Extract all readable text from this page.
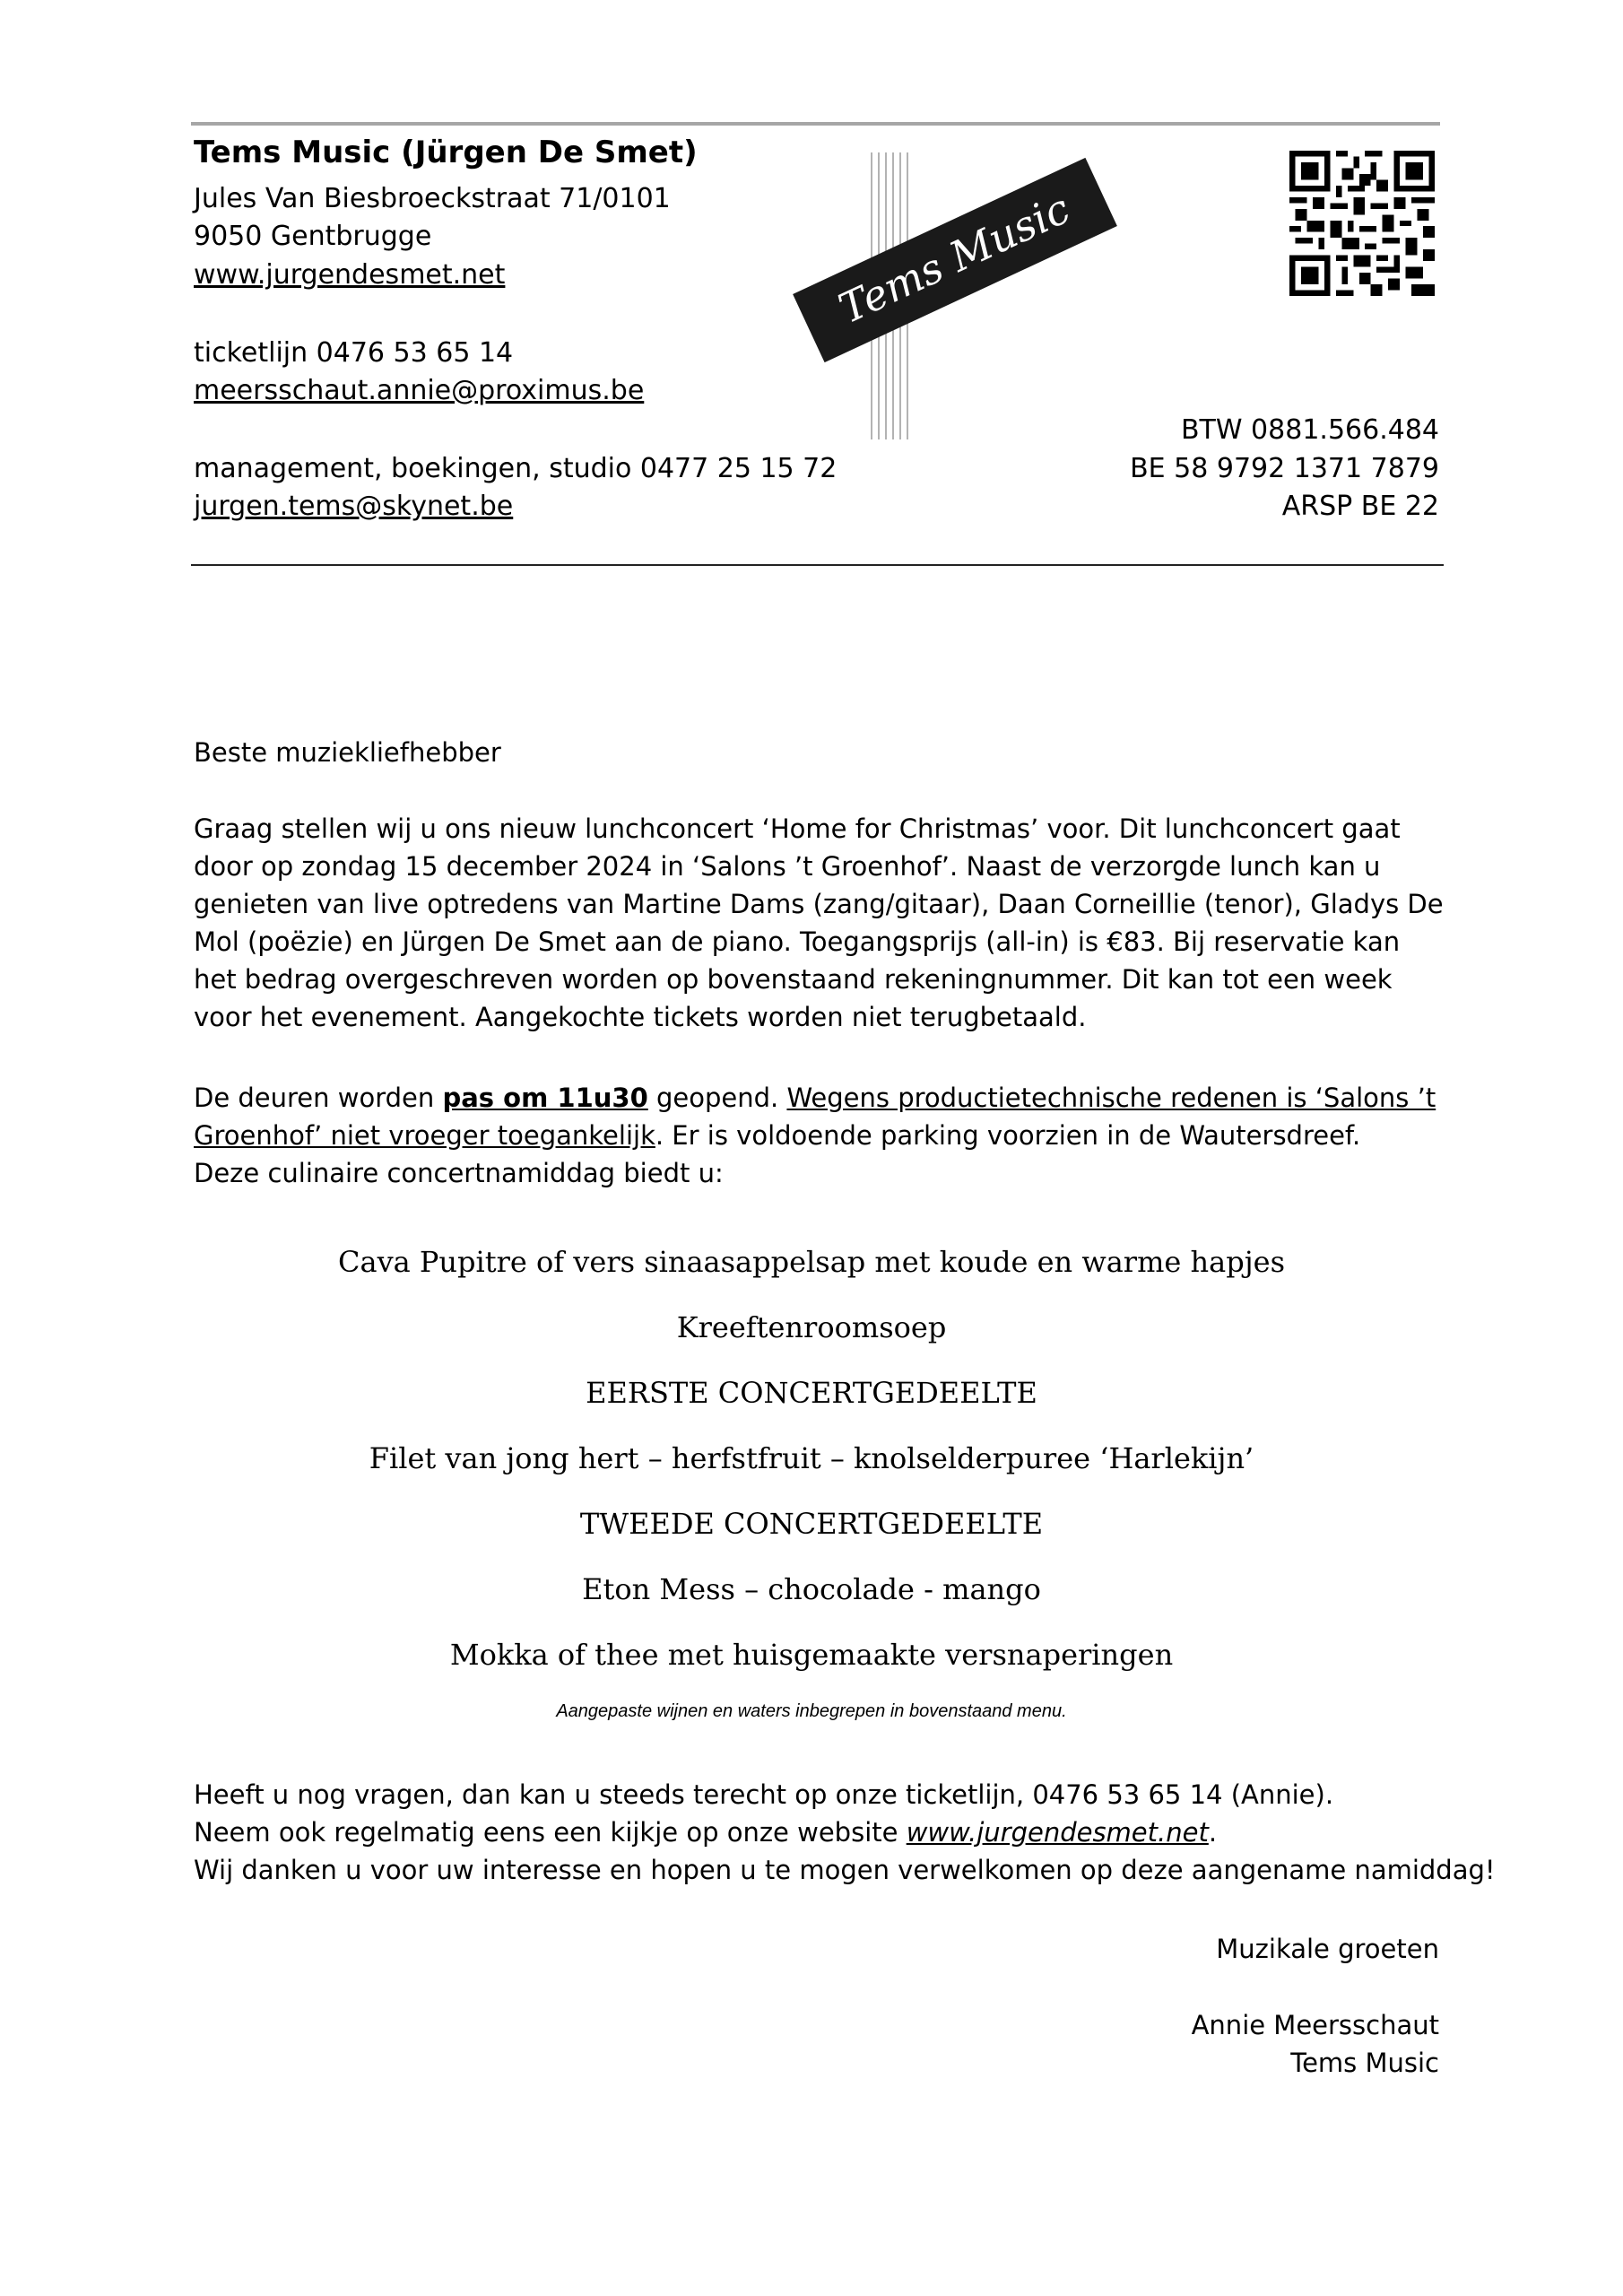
Tems Music (Jürgen De Smet)
Jules Van Biesbroeckstraat 71/0101
9050 Gentbrugge
www.jurgendesmet.net
ticketlijn 0476 53 65 14
meersschaut.annie@proximus.be
management, boekingen, studio 0477 25 15 72
jurgen.tems@skynet.be
BTW 0881.566.484
BE 58 9792 1371 7879
ARSP BE 22
Tems Music
Beste muziekliefhebber
Graag stellen wij u ons nieuw lunchconcert ‘Home for Christmas’ voor. Dit lunchconcert gaat door op zondag 15 december 2024 in ‘Salons ’t Groenhof’. Naast de verzorgde lunch kan u genieten van live optredens van Martine Dams (zang/gitaar), Daan Corneillie (tenor), Gladys De Mol (poëzie) en Jürgen De Smet aan de piano. Toegangsprijs (all-in) is €83. Bij reservatie kan het bedrag overgeschreven worden op bovenstaand rekeningnummer. Dit kan tot een week voor het evenement. Aangekochte tickets worden niet terugbetaald.
De deuren worden pas om 11u30 geopend. Wegens productietechnische redenen is ‘Salons ’t Groenhof’ niet vroeger toegankelijk. Er is voldoende parking voorzien in de Wautersdreef.
Deze culinaire concertnamiddag biedt u:
Cava Pupitre of vers sinaasappelsap met koude en warme hapjes
Kreeftenroomsoep
EERSTE CONCERTGEDEELTE
Filet van jong hert – herfstfruit – knolselderpuree ‘Harlekijn’
TWEEDE CONCERTGEDEELTE
Eton Mess – chocolade - mango
Mokka of thee met huisgemaakte versnaperingen
Aangepaste wijnen en waters inbegrepen in bovenstaand menu.
Heeft u nog vragen, dan kan u steeds terecht op onze ticketlijn, 0476 53 65 14 (Annie).
Neem ook regelmatig eens een kijkje op onze website www.jurgendesmet.net.
Wij danken u voor uw interesse en hopen u te mogen verwelkomen op deze aangename namiddag!
Muzikale groeten
Annie Meersschaut
Tems Music
